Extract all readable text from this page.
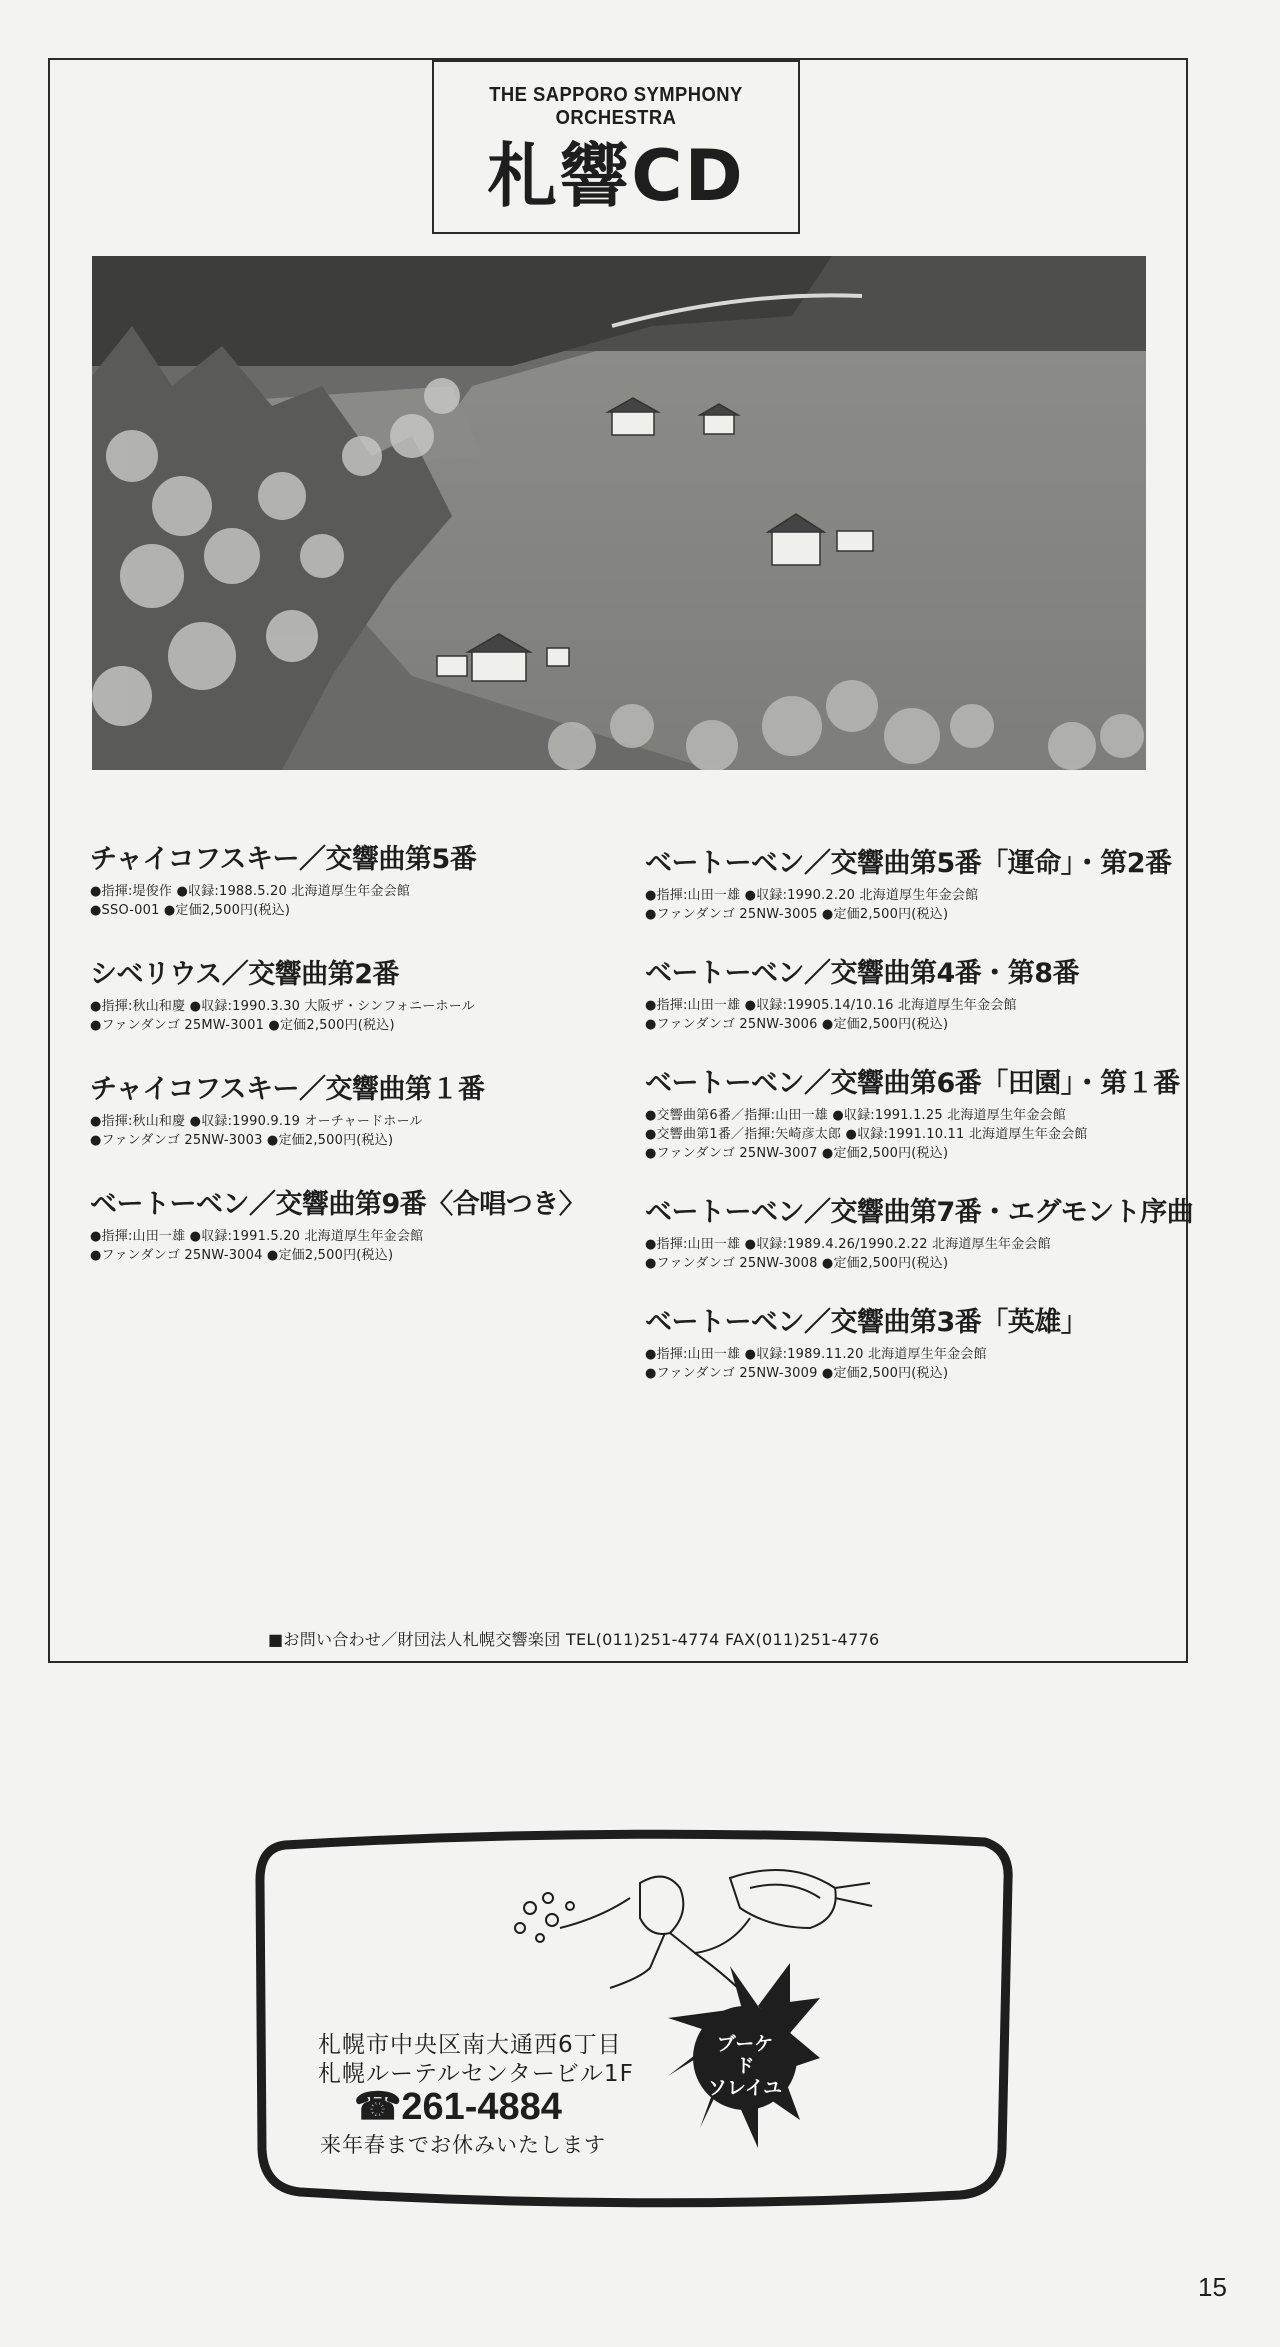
THE SAPPORO SYMPHONY ORCHESTRA
札響CD
チャイコフスキー／交響曲第5番
●指揮:堤俊作 ●収録:1988.5.20 北海道厚生年金会館
●SSO-001 ●定価2,500円(税込)
シベリウス／交響曲第2番
●指揮:秋山和慶 ●収録:1990.3.30 大阪ザ・シンフォニーホール
●ファンダンゴ 25MW-3001 ●定価2,500円(税込)
チャイコフスキー／交響曲第１番
●指揮:秋山和慶 ●収録:1990.9.19 オーチャードホール
●ファンダンゴ 25NW-3003 ●定価2,500円(税込)
ベートーベン／交響曲第9番〈合唱つき〉
●指揮:山田一雄 ●収録:1991.5.20 北海道厚生年金会館
●ファンダンゴ 25NW-3004 ●定価2,500円(税込)
ベートーベン／交響曲第5番「運命」・第2番
●指揮:山田一雄 ●収録:1990.2.20 北海道厚生年金会館
●ファンダンゴ 25NW-3005 ●定価2,500円(税込)
ベートーベン／交響曲第4番・第8番
●指揮:山田一雄 ●収録:19905.14/10.16 北海道厚生年金会館
●ファンダンゴ 25NW-3006 ●定価2,500円(税込)
ベートーベン／交響曲第6番「田園」・第１番
●交響曲第6番／指揮:山田一雄 ●収録:1991.1.25 北海道厚生年金会館
●交響曲第1番／指揮:矢崎彦太郎 ●収録:1991.10.11 北海道厚生年金会館
●ファンダンゴ 25NW-3007 ●定価2,500円(税込)
ベートーベン／交響曲第7番・エグモント序曲
●指揮:山田一雄 ●収録:1989.4.26/1990.2.22 北海道厚生年金会館
●ファンダンゴ 25NW-3008 ●定価2,500円(税込)
ベートーベン／交響曲第3番「英雄」
●指揮:山田一雄 ●収録:1989.11.20 北海道厚生年金会館
●ファンダンゴ 25NW-3009 ●定価2,500円(税込)
■お問い合わせ／財団法人札幌交響楽団 TEL(011)251-4774 FAX(011)251-4776
ブーケ
ド
ソレイユ
札幌市中央区南大通西6丁目
札幌ルーテルセンタービル1F
☎261-4884
来年春までお休みいたします
15
